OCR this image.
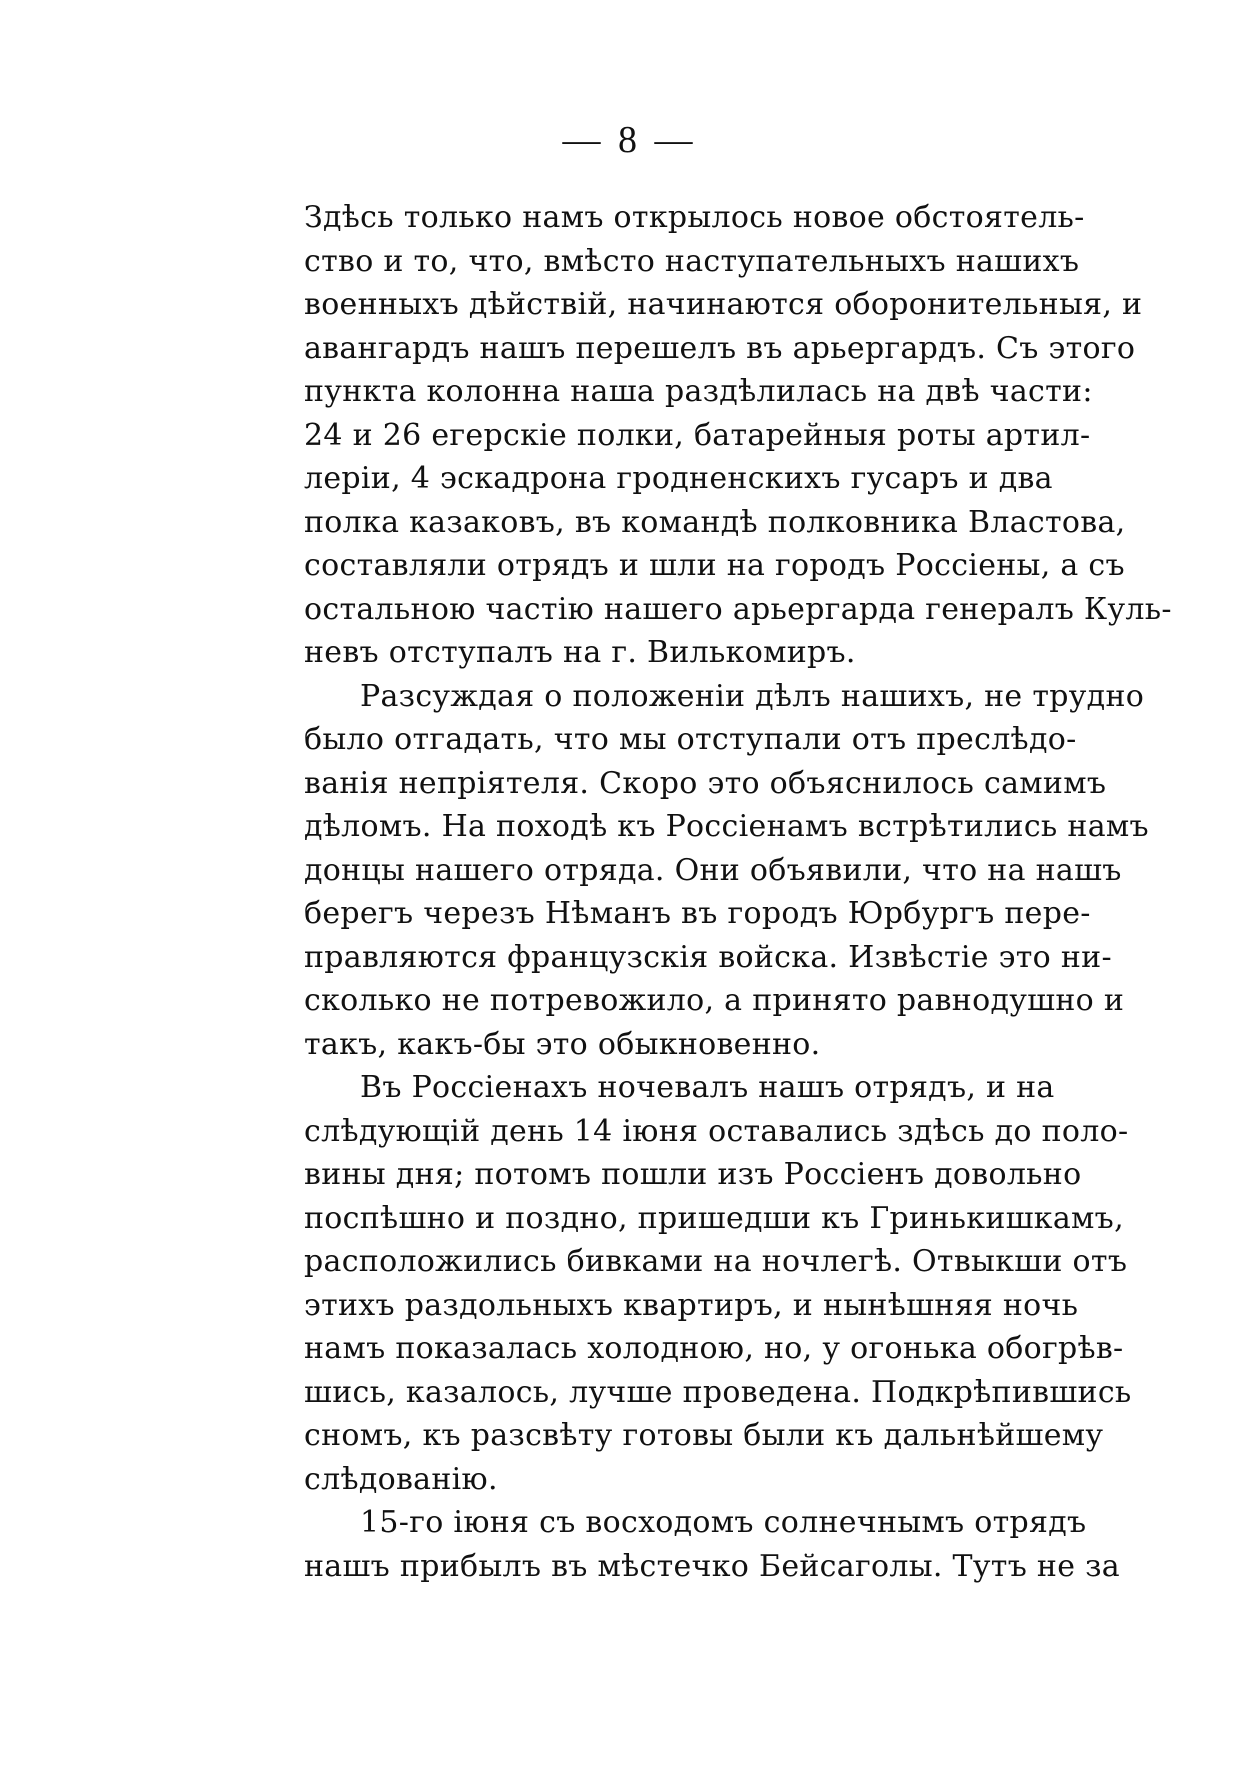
— 8 —
Здѣсь только намъ открылось новое обстоятель-
ство и то, что, вмѣсто наступательныхъ нашихъ
военныхъ дѣйствій, начинаются оборонительныя, и
авангардъ нашъ перешелъ въ арьергардъ. Съ этого
пункта колонна наша раздѣлилась на двѣ части:
24 и 26 егерскіе полки, батарейныя роты артил-
леріи, 4 эскадрона гродненскихъ гусаръ и два
полка казаковъ, въ командѣ полковника Властова,
составляли отрядъ и шли на городъ Россіены, а съ
остальною частію нашего арьергарда генералъ Куль-
невъ отступалъ на г. Вилькомиръ.
Разсуждая о положеніи дѣлъ нашихъ, не трудно
было отгадать, что мы отступали отъ преслѣдо-
ванія непріятеля. Скоро это объяснилось самимъ
дѣломъ. На походѣ къ Россіенамъ встрѣтились намъ
донцы нашего отряда. Они объявили, что на нашъ
берегъ черезъ Нѣманъ въ городъ Юрбургъ пере-
правляются французскія войска. Извѣстіе это ни-
сколько не потревожило, а принято равнодушно и
такъ, какъ-бы это обыкновенно.
Въ Россіенахъ ночевалъ нашъ отрядъ, и на
слѣдующій день 14 іюня оставались здѣсь до поло-
вины дня; потомъ пошли изъ Россіенъ довольно
поспѣшно и поздно, пришедши къ Гринькишкамъ,
расположились бивками на ночлегѣ. Отвыкши отъ
этихъ раздольныхъ квартиръ, и нынѣшняя ночь
намъ показалась холодною, но, у огонька обогрѣв-
шись, казалось, лучше проведена. Подкрѣпившись
сномъ, къ разсвѣту готовы были къ дальнѣйшему
слѣдованію.
15-го іюня съ восходомъ солнечнымъ отрядъ
нашъ прибылъ въ мѣстечко Бейсаголы. Тутъ не за
